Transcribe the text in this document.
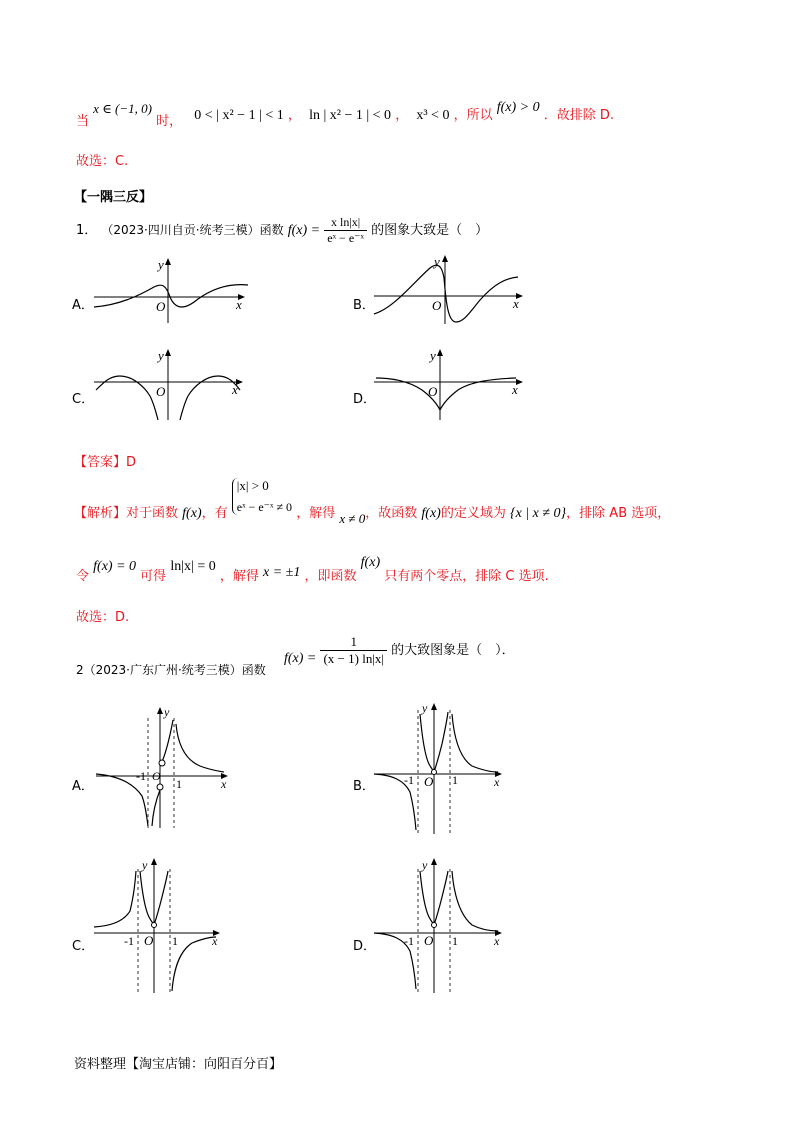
当 x ∈ (−1, 0) 时， 0 < | x² − 1 | < 1 ， ln | x² − 1 | < 0 ， x³ < 0 ，所以 f(x) > 0 ．故排除 D.
故选：C.
【一隅三反】
1． （2023·四川自贡·统考三模）函数 $f(x) = \frac{\text{x ln|x|}}{\text{eˣ − e⁻ˣ}}$ 的图象大致是（　）
A．	O	x
y
B．	O	x
y
C．
O	x
y
D．
O	x
y
【答案】D
【解析】对于函数 f(x)，有
|x| > 0
eˣ − e⁻ˣ ≠ 0 ，解得 x ≠ 0，故函数 f(x)的定义域为 {x | x ≠ 0}，排除 AB 选项，
令 f(x) = 0 可得 ln|x| = 0 ，解得 x = ±1 ，即函数 f(x) 只有两个零点，排除 C 选项.
故选：D.
2（2023·广东广州·统考三模）函数 $f(x) = \frac{1}{(x - 1) \ln|x|}$ 的大致图象是（　）．
A．
-1 O
1	x
y
B． -1 O 1	x
y
C． -1 O 1	x
y
D． -1 O 1	x
y
资料整理【淘宝店铺：向阳百分百】
